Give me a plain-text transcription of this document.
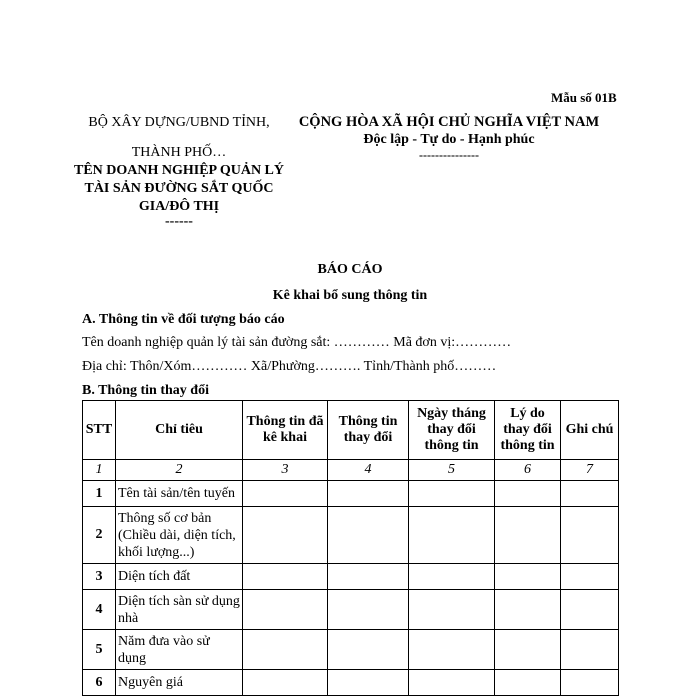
Mẫu số 01B
BỘ XÂY DỰNG/UBND TỈNH,
THÀNH PHỐ…
TÊN DOANH NGHIỆP QUẢN LÝ TÀI SẢN ĐƯỜNG SẮT QUỐC GIA/ĐÔ THỊ
------
CỘNG HÒA XÃ HỘI CHỦ NGHĨA VIỆT NAM
Độc lập - Tự do - Hạnh phúc
---------------
BÁO CÁO
Kê khai bổ sung thông tin
A. Thông tin về đối tượng báo cáo
Tên doanh nghiệp quản lý tài sản đường sắt: ………… Mã đơn vị:…………
Địa chỉ: Thôn/Xóm………… Xã/Phường………. Tỉnh/Thành phố………
B. Thông tin thay đổi
STT	Chỉ tiêu	Thông tin đã kê khai	Thông tin thay đổi	Ngày tháng thay đổi thông tin	Lý do thay đổi thông tin	Ghi chú
1	2	3	4	5	6	7
1	Tên tài sản/tên tuyến					
2	Thông số cơ bản (Chiều dài, diện tích, khối lượng...)					
3	Diện tích đất					
4	Diện tích sàn sử dụng nhà					
5	Năm đưa vào sử dụng					
6	Nguyên giá					
